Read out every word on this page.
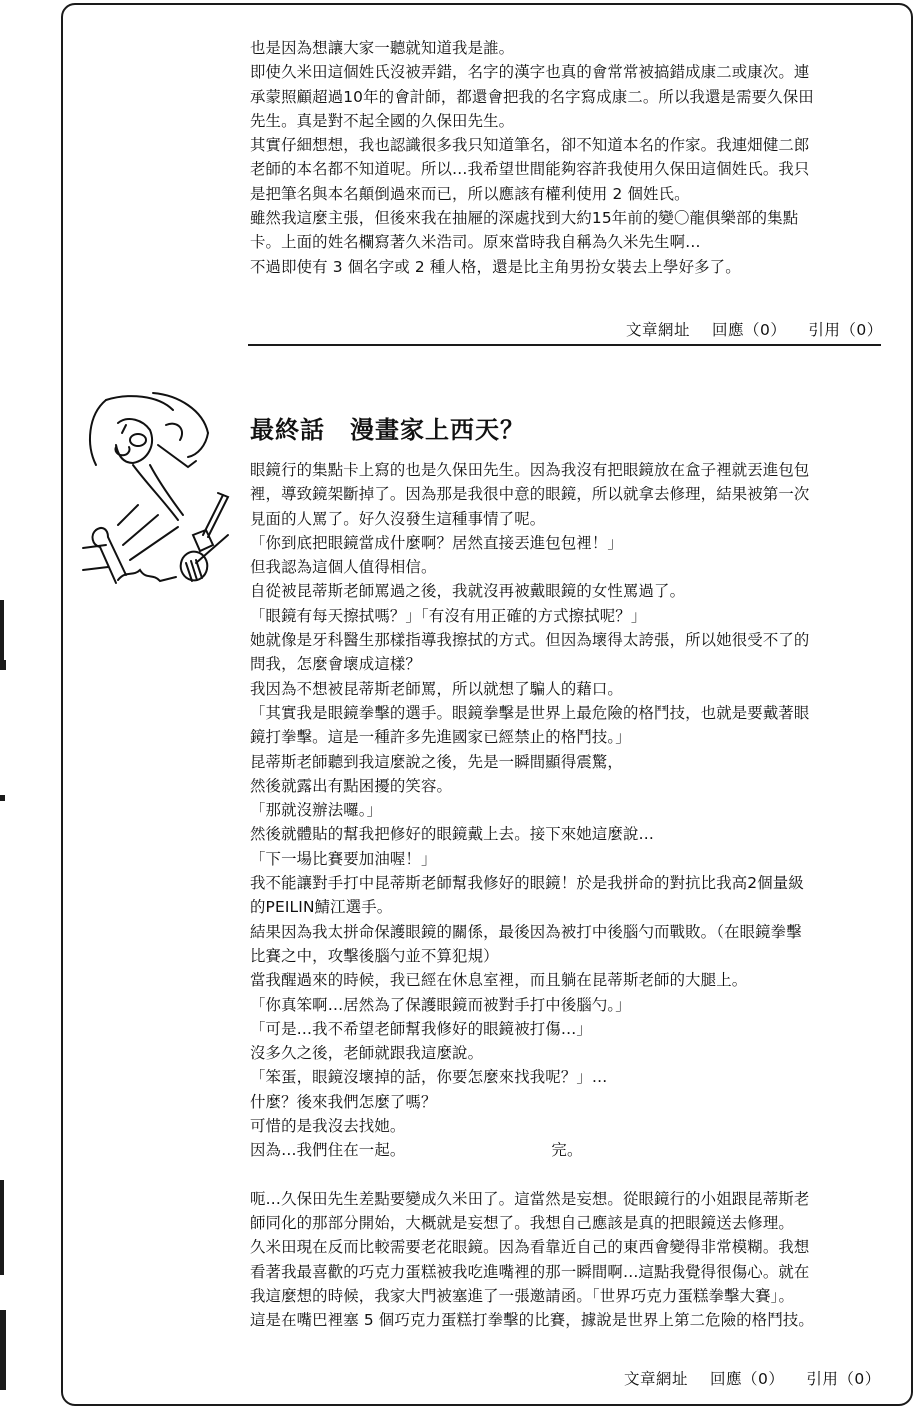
也是因為想讓大家一聽就知道我是誰。
即使久米田這個姓氏沒被弄錯，名字的漢字也真的會常常被搞錯成康二或康次。連
承蒙照顧超過10年的會計師，都還會把我的名字寫成康二。所以我還是需要久保田
先生。真是對不起全國的久保田先生。
其實仔細想想，我也認識很多我只知道筆名，卻不知道本名的作家。我連畑健二郎
老師的本名都不知道呢。所以…我希望世間能夠容許我使用久保田這個姓氏。我只
是把筆名與本名顛倒過來而已，所以應該有權利使用 2 個姓氏。
雖然我這麼主張，但後來我在抽屜的深處找到大約15年前的變〇龍俱樂部的集點
卡。上面的姓名欄寫著久米浩司。原來當時我自稱為久米先生啊…
不過即使有 3 個名字或 2 種人格，還是比主角男扮女裝去上學好多了。
文章網址 回應（0） 引用（0）
最終話　漫畫家上西天？
眼鏡行的集點卡上寫的也是久保田先生。因為我沒有把眼鏡放在盒子裡就丟進包包
裡，導致鏡架斷掉了。因為那是我很中意的眼鏡，所以就拿去修理，結果被第一次
見面的人罵了。好久沒發生這種事情了呢。
「你到底把眼鏡當成什麼啊？居然直接丟進包包裡！」
但我認為這個人值得相信。
自從被昆蒂斯老師罵過之後，我就沒再被戴眼鏡的女性罵過了。
「眼鏡有每天擦拭嗎？」「有沒有用正確的方式擦拭呢？」
她就像是牙科醫生那樣指導我擦拭的方式。但因為壞得太誇張，所以她很受不了的
問我，怎麼會壞成這樣？
我因為不想被昆蒂斯老師罵，所以就想了騙人的藉口。
「其實我是眼鏡拳擊的選手。眼鏡拳擊是世界上最危險的格鬥技，也就是要戴著眼
鏡打拳擊。這是一種許多先進國家已經禁止的格鬥技。」
昆蒂斯老師聽到我這麼說之後，先是一瞬間顯得震驚，
然後就露出有點困擾的笑容。
「那就沒辦法囉。」
然後就體貼的幫我把修好的眼鏡戴上去。接下來她這麼說…
「下一場比賽要加油喔！」
我不能讓對手打中昆蒂斯老師幫我修好的眼鏡！於是我拼命的對抗比我高2個量級
的PEILIN鯖江選手。
結果因為我太拼命保護眼鏡的關係，最後因為被打中後腦勺而戰敗。（在眼鏡拳擊
比賽之中，攻擊後腦勺並不算犯規）
當我醒過來的時候，我已經在休息室裡，而且躺在昆蒂斯老師的大腿上。
「你真笨啊…居然為了保護眼鏡而被對手打中後腦勺。」
「可是…我不希望老師幫我修好的眼鏡被打傷…」
沒多久之後，老師就跟我這麼說。
「笨蛋，眼鏡沒壞掉的話，你要怎麼來找我呢？」…
什麼？後來我們怎麼了嗎？
可惜的是我沒去找她。
因為…我們住在一起。	完。
呃…久保田先生差點要變成久米田了。這當然是妄想。從眼鏡行的小姐跟昆蒂斯老
師同化的那部分開始，大概就是妄想了。我想自己應該是真的把眼鏡送去修理。
久米田現在反而比較需要老花眼鏡。因為看靠近自己的東西會變得非常模糊。我想
看著我最喜歡的巧克力蛋糕被我吃進嘴裡的那一瞬間啊…這點我覺得很傷心。就在
我這麼想的時候，我家大門被塞進了一張邀請函。「世界巧克力蛋糕拳擊大賽」。
這是在嘴巴裡塞 5 個巧克力蛋糕打拳擊的比賽，據說是世界上第二危險的格鬥技。
文章網址 回應（0） 引用（0）
